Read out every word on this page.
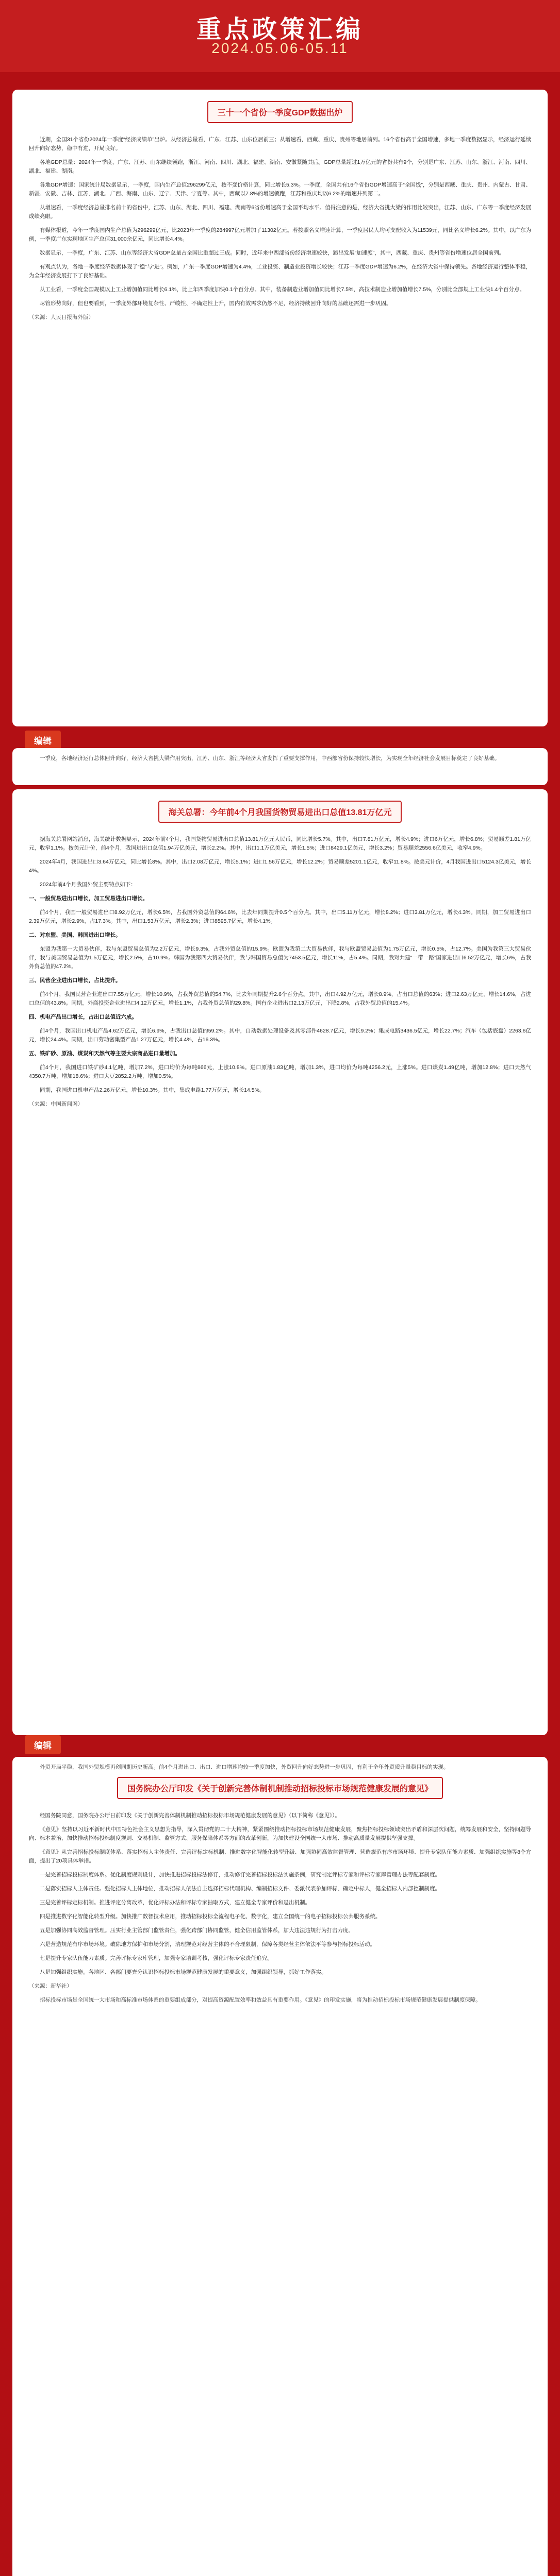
重点政策汇编
2024.05.06-05.11
三十一个省份一季度GDP数据出炉

近期，全国31个省份2024年一季度“经济成绩单”出炉。从经济总量看，广东、江苏、山东位居前三；从增速看，西藏、重庆、贵州等地居前列。16个省份高于全国增速，多地一季度数据显示，经济运行延续回升向好态势，稳中有进，开局良好。

各地GDP总量：2024年一季度，广东、江苏、山东继续领跑，浙江、河南、四川、湖北、福建、湖南、安徽紧随其后。GDP总量超过1万亿元的省份共有9个，分别是广东、江苏、山东、浙江、河南、四川、湖北、福建、湖南。

各地GDP增速：国家统计局数据显示，一季度，国内生产总值296299亿元，按不变价格计算，同比增长5.3%。一季度，全国共有16个省份GDP增速高于“全国线”，分别是西藏、重庆、贵州、内蒙古、甘肃、新疆、安徽、吉林、江苏、湖北、广西、海南、山东、辽宁、天津、宁夏等。其中，西藏以7.8%的增速领跑，江苏和重庆均以6.2%的增速并列第二。

从增速看，一季度经济总量排名前十的省份中，江苏、山东、湖北、四川、福建、湖南等6省份增速高于全国平均水平。值得注意的是，经济大省挑大梁的作用比较突出，江苏、山东、广东等一季度经济发展成绩亮眼。

有媒体报道，今年一季度国内生产总值为296299亿元，比2023年一季度的284997亿元增加了11302亿元。若按照名义增速计算，一季度居民人均可支配收入为11539元，同比名义增长6.2%。其中，以广东为例，一季度广东实现地区生产总值31,000余亿元，同比增长4.4%。

数据显示，一季度，广东、江苏、山东等经济大省GDP总量占全国比重超过三成。同时，近年来中西部省份经济增速较快，跑出发展“加速度”，其中，西藏、重庆、贵州等省份增速位居全国前列。

有观点认为，各地一季度经济数据体现了“稳”与“进”。例如，广东一季度GDP增速为4.4%，工业投资、制造业投资增长较快；江苏一季度GDP增速为6.2%，在经济大省中保持领先。各地经济运行整体平稳，为全年经济发展打下了良好基础。

从工业看，一季度全国规模以上工业增加值同比增长6.1%，比上年四季度加快0.1个百分点。其中，装备制造业增加值同比增长7.5%，高技术制造业增加值增长7.5%，分别比全部规上工业快1.4个百分点。

尽管形势向好，但也要看到，一季度外部环境复杂性、严峻性、不确定性上升，国内有效需求仍然不足，经济持续回升向好的基础还需进一步巩固。

（来源：人民日报海外版）

编辑

一季度，各地经济运行总体回升向好，经济大省挑大梁作用突出，江苏、山东、浙江等经济大省发挥了重要支撑作用，中西部省份保持较快增长，为实现全年经济社会发展目标奠定了良好基础。

海关总署：今年前4个月我国货物贸易进出口总值13.81万亿元

据海关总署网站消息，海关统计数据显示，2024年前4个月，我国货物贸易进出口总值13.81万亿元人民币，同比增长5.7%。其中，出口7.81万亿元，增长4.9%；进口6万亿元，增长6.8%；贸易顺差1.81万亿元，收窄1.1%。按美元计价，前4个月，我国进出口总值1.94万亿美元，增长2.2%。其中，出口1.1万亿美元，增长1.5%；进口8429.1亿美元，增长3.2%；贸易顺差2556.6亿美元，收窄4.9%。

2024年4月，我国进出口3.64万亿元，同比增长8%。其中，出口2.08万亿元，增长5.1%；进口1.56万亿元，增长12.2%；贸易顺差5201.1亿元，收窄11.8%。按美元计价，4月我国进出口5124.3亿美元，增长4%。

2024年前4个月我国外贸主要特点如下：

一、一般贸易进出口增长，加工贸易进出口增长。

前4个月，我国一般贸易进出口8.92万亿元，增长6.5%，占我国外贸总值的64.6%，比去年同期提升0.5个百分点。其中，出口5.11万亿元，增长8.2%；进口3.81万亿元，增长4.3%。同期，加工贸易进出口2.39万亿元，增长2.9%，占17.3%。其中，出口1.53万亿元，增长2.3%；进口8595.7亿元，增长4.1%。

二、对东盟、美国、韩国进出口增长。

东盟为我第一大贸易伙伴，我与东盟贸易总值为2.2万亿元，增长9.3%，占我外贸总值的15.9%。欧盟为我第二大贸易伙伴，我与欧盟贸易总值为1.75万亿元，增长0.5%，占12.7%。美国为我第三大贸易伙伴，我与美国贸易总值为1.5万亿元，增长2.5%，占10.9%。韩国为我第四大贸易伙伴，我与韩国贸易总值为7453.5亿元，增长11%，占5.4%。同期，我对共建“一带一路”国家进出口6.52万亿元，增长6%，占我外贸总值的47.2%。

三、民营企业进出口增长，占比提升。

前4个月，我国民营企业进出口7.55万亿元，增长10.9%，占我外贸总值的54.7%，比去年同期提升2.6个百分点。其中，出口4.92万亿元，增长8.9%，占出口总值的63%；进口2.63万亿元，增长14.6%，占进口总值的43.8%。同期，外商投资企业进出口4.12万亿元，增长1.1%，占我外贸总值的29.8%。国有企业进出口2.13万亿元，下降2.8%，占我外贸总值的15.4%。

四、机电产品出口增长，占出口总值近六成。

前4个月，我国出口机电产品4.62万亿元，增长6.9%，占我出口总值的59.2%。其中，自动数据处理设备及其零部件4628.7亿元，增长9.2%；集成电路3436.5亿元，增长22.7%；汽车（包括底盘）2263.6亿元，增长24.4%。同期，出口劳动密集型产品1.27万亿元，增长4.4%，占16.3%。

五、铁矿砂、原油、煤炭和天然气等主要大宗商品进口量增加。

前4个月，我国进口铁矿砂4.1亿吨，增加7.2%，进口均价为每吨866元，上涨10.8%。进口原油1.83亿吨，增加1.3%，进口均价为每吨4256.2元，上涨5%。进口煤炭1.49亿吨，增加12.8%；进口天然气4350.7万吨，增加18.6%；进口大豆2852.2万吨，增加0.5%。

同期，我国进口机电产品2.26万亿元，增长10.3%。其中，集成电路1.77万亿元，增长14.5%。

（来源：中国新闻网）

编辑

外贸开局平稳，我国外贸规模再创同期历史新高。前4个月进出口、出口、进口增速均较一季度加快，外贸回升向好态势进一步巩固，有利于全年外贸质升量稳目标的实现。

国务院办公厅印发《关于创新完善体制机制推动招标投标市场规范健康发展的意见》

经国务院同意，国务院办公厅日前印发《关于创新完善体制机制推动招标投标市场规范健康发展的意见》（以下简称《意见》）。

《意见》坚持以习近平新时代中国特色社会主义思想为指导，深入贯彻党的二十大精神，紧紧围绕推动招标投标市场规范健康发展，聚焦招标投标领域突出矛盾和深层次问题，统筹发展和安全，坚持问题导向、标本兼治，加快推动招标投标制度规则、交易机制、监管方式、服务保障体系等方面的改革创新，为加快建设全国统一大市场、推动高质量发展提供坚强支撑。

《意见》从完善招标投标制度体系、落实招标人主体责任、完善评标定标机制、推进数字化智能化转型升级、加强协同高效监督管理、营造规范有序市场环境、提升专家队伍能力素质、加强组织实施等8个方面，提出了20项具体举措。

一是完善招标投标制度体系。优化制度规则设计，加快推进招标投标法修订，推动修订完善招标投标法实施条例，研究制定评标专家和评标专家库管理办法等配套制度。

二是落实招标人主体责任。强化招标人主体地位，推动招标人依法自主选择招标代理机构、编制招标文件、委派代表参加评标、确定中标人，健全招标人内部控制制度。

三是完善评标定标机制。推进评定分离改革，优化评标办法和评标专家抽取方式，建立健全专家评价和退出机制。

四是推进数字化智能化转型升级。加快推广数智技术应用，推动招标投标全流程电子化、数字化，建立全国统一的电子招标投标公共服务系统。

五是加强协同高效监督管理。压实行业主管部门监管责任，强化跨部门协同监管，健全信用监管体系，加大违法违规行为打击力度。

六是营造规范有序市场环境。破除地方保护和市场分割，清理规范对经营主体的不合理限制，保障各类经营主体依法平等参与招标投标活动。

七是提升专家队伍能力素质。完善评标专家库管理，加强专家培训考核，强化评标专家责任追究。

八是加强组织实施。各地区、各部门要充分认识招标投标市场规范健康发展的重要意义，加强组织领导，抓好工作落实。

（来源：新华社）

招标投标市场是全国统一大市场和高标准市场体系的重要组成部分，对提高资源配置效率和效益具有重要作用。《意见》的印发实施，将为推动招标投标市场规范健康发展提供制度保障。
